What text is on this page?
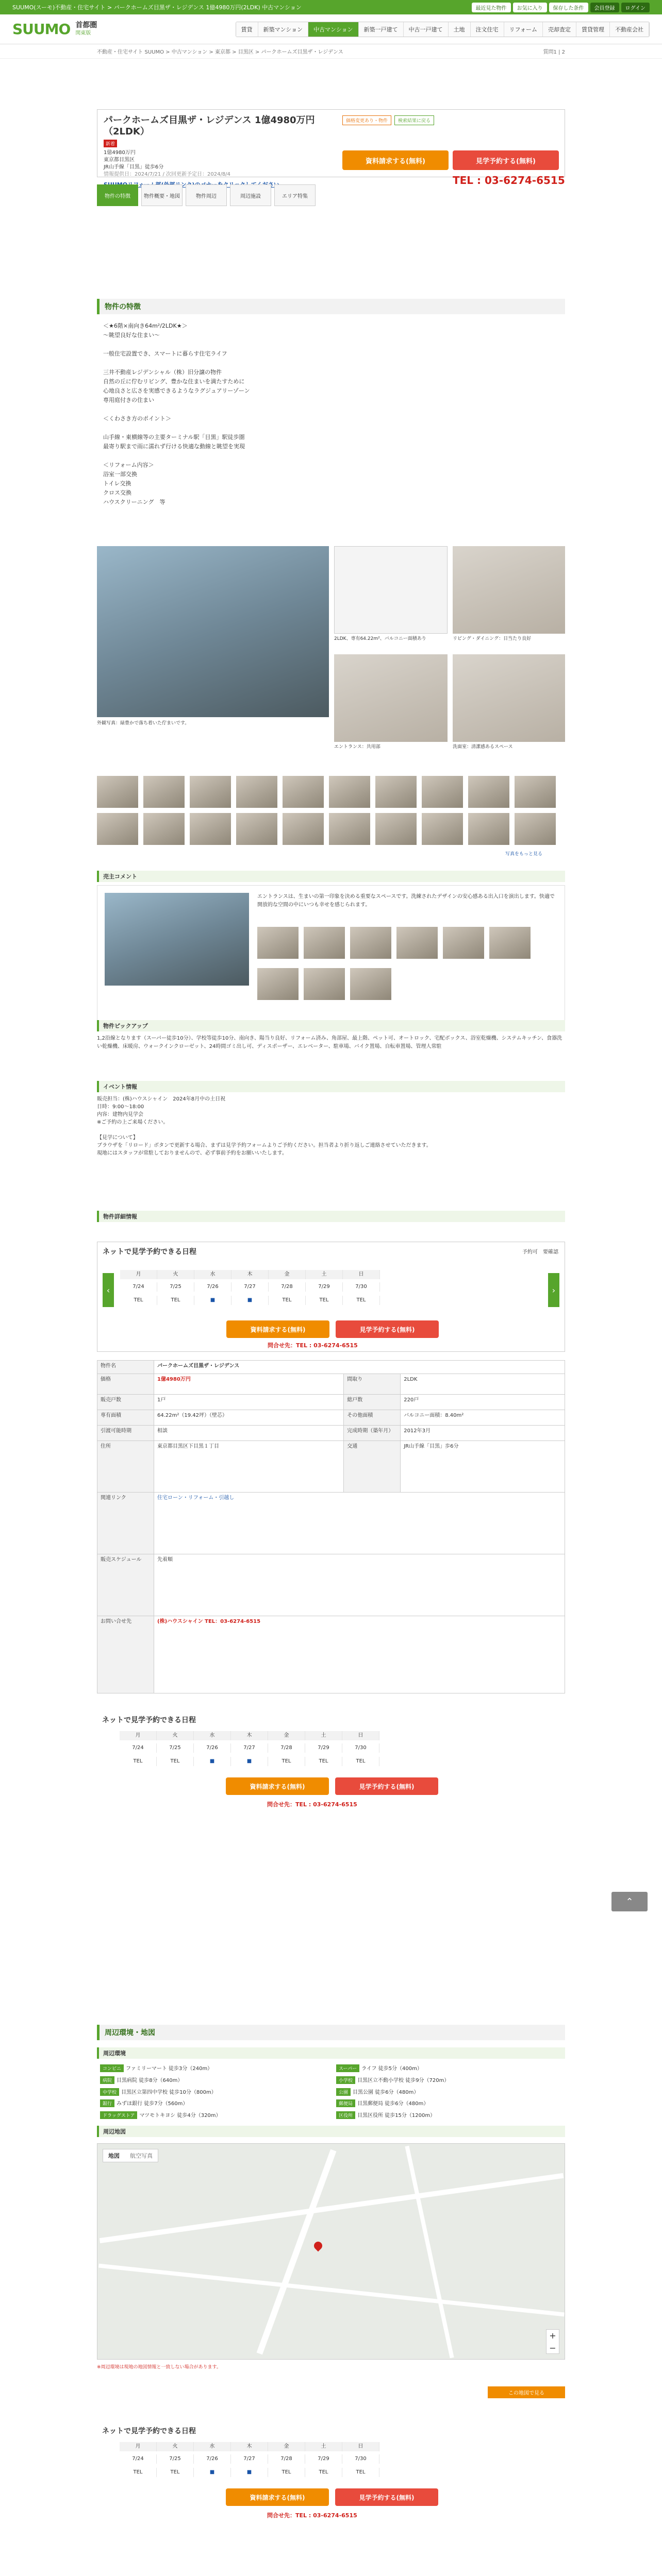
SUUMO(スーモ)不動産・住宅サイト > パークホームズ目黒ザ・レジデンス 1億4980万円(2LDK) 中古マンション	最近見た物件	お気に入り	保存した条件	会員登録	ログイン
SUUMO 首都圏
関東版
賃貸	新築マンション	中古マンション	新築一戸建て	中古一戸建て	土地	注文住宅	リフォーム	売却査定	賃貸管理	不動産会社
不動産・住宅サイト SUUMO > 中古マンション > 東京都 > 目黒区 > パークホームズ目黒ザ・レジデンス	質問1 | 2
パークホームズ目黒ザ・レジデンス 1億4980万円（2LDK）
価格変更あり・物件	検索結果に戻る
新着
1億4980万円
東京都目黒区
JR山手線「目黒」徒歩6分
情報提供日：2024/7/21 / 次回更新予定日：2024/8/4
資料請求する(無料)	見学予約する(無料)
TEL : 03-6274-6515
物件の特徴	物件概要・地図	物件周辺	周辺施設	エリア特集
物件の特徴
＜★6階×南向き64m²/2LDK★＞
～眺望良好な住まい～

一般住宅設置でき、スマートに暮らす住宅ライフ

三井不動産レジデンシャル（株）旧分譲の物件
自然の丘に佇むリビング、豊かな住まいを満たすために
心地良さと広さを実感できるようなラグジュアリーゾーン
専用庭付きの住まい

＜くわさき方のポイント＞

山手線・東横線等の主要ターミナル駅「目黒」駅徒歩圏
最寄り駅まで雨に濡れず行ける快適な動線と眺望を実現

＜リフォーム内容＞
浴室一部交換
トイレ交換
クロス交換
ハウスクリーニング　等
外観写真：緑豊かで落ち着いた佇まいです。
2LDK、専有64.22m²、バルコニー面積あり	リビング・ダイニング：日当たり良好
エントランス：共用部	洗面室：清潔感あるスペース
写真をもっと見る
売主コメント
エントランスは、生まいの第一印象を決める重要なスペースです。洗練されたデザインの安心感ある出入口を演出します。快適で開放的な空間の中にいつも幸せを感じられます。
物件ピックアップ
1,2沿線となります（スーパー徒歩10分）、学校等徒歩10分、南向き、陽当り良好、リフォーム済み、角部屋、最上階、ペット可、オートロック、宅配ボックス、浴室乾燥機、システムキッチン、食器洗い乾燥機、床暖房、ウォークインクローゼット、24時間ゴミ出し可、ディスポーザー、エレベーター、駐車場、バイク置場、自転車置場、管理人常駐
イベント情報
販売担当：(株)ハウスシャイン　2024年8月中の土日祝
日時：9:00～18:00
内容：建物内見学会
※ご予約の上ご来場ください。

【見学について】
ブラウザを「リロード」ボタンで更新する場合、まずは見学予約フォームよりご予約ください。担当者より折り返しご連絡させていただきます。
現地にはスタッフが常駐しておりませんので、必ず事前予約をお願いいたします。
物件詳細情報
ネットで見学予約できる日程	予約可　 要確認
‹	›
月	火	水	木	金	土	日
7/24	7/25	7/26	7/27	7/28	7/29	7/30
TEL	TEL	■	■	TEL	TEL	TEL
資料請求する(無料)	見学予約する(無料)
問合せ先：TEL : 03-6274-6515
物件名	パークホームズ目黒ザ・レジデンス		
価格	1億4980万円	間取り	2LDK
販売戸数	1戸	総戸数	220戸
専有面積	64.22m²（19.42坪）（壁芯）	その他面積	バルコニー面積：8.40m²
引渡可能時期	相談	完成時期（築年月）	2012年3月
住所	東京都目黒区下目黒１丁目	交通	JR山手線「目黒」歩6分
関連リンク	住宅ローン・リフォーム・引越し		
販売スケジュール	先着順		
お問い合せ先	(株)ハウスシャイン TEL：03-6274-6515		
ネットで見学予約できる日程
月	火	水	木	金	土	日
7/24	7/25	7/26	7/27	7/28	7/29	7/30
TEL	TEL	■	■	TEL	TEL	TEL
資料請求する(無料)	見学予約する(無料)
問合せ先：TEL : 03-6274-6515
⌃
周辺環境・地図
周辺環境
コンビニ ファミリーマート 徒歩3分（240m）	スーパー ライフ 徒歩5分（400m）
病院 目黒病院 徒歩8分（640m）	小学校 目黒区立不動小学校 徒歩9分（720m）
中学校 目黒区立第四中学校 徒歩10分（800m）	公園 目黒公園 徒歩6分（480m）
銀行 みずほ銀行 徒歩7分（560m）	郵便局 目黒郵便局 徒歩6分（480m）
ドラッグストア マツモトキヨシ 徒歩4分（320m）	区役所 目黒区役所 徒歩15分（1200m）
周辺地図
地図	航空写真
+
−
※周辺環境は現地の地図情報と一致しない場合があります。
この地図で見る
ネットで見学予約できる日程
月	火	水	木	金	土	日
7/24	7/25	7/26	7/27	7/28	7/29	7/30
TEL	TEL	■	■	TEL	TEL	TEL
資料請求する(無料)	見学予約する(無料)
問合せ先：TEL : 03-6274-6515
